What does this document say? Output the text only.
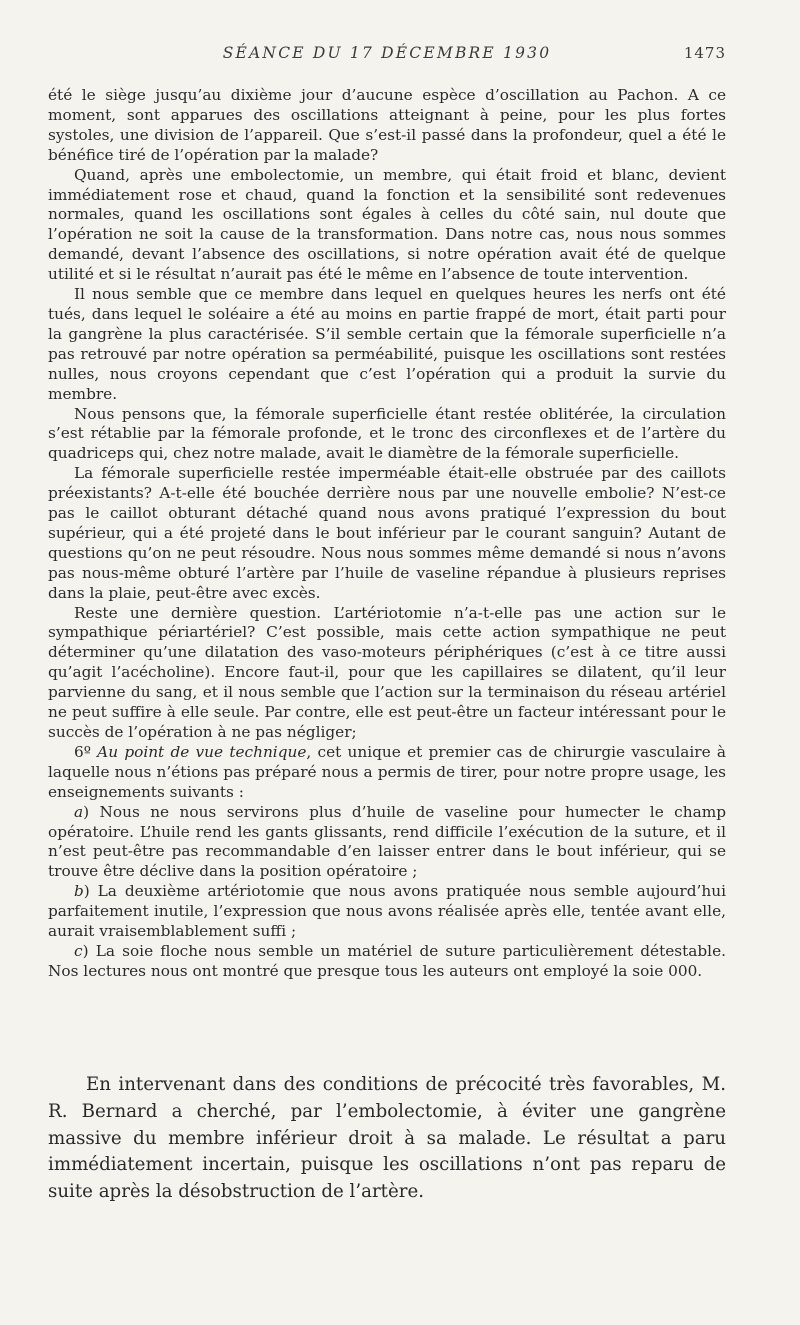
SÉANCE DU 17 DÉCEMBRE 1930	1473

été le siège jusqu’au dixième jour d’aucune espèce d’oscillation au Pachon. A ce moment, sont apparues des oscillations atteignant à peine, pour les plus fortes systoles, une division de l’appareil. Que s’est-il passé dans la profondeur, quel a été le bénéfice tiré de l’opération par la malade?

Quand, après une embolectomie, un membre, qui était froid et blanc, devient immédiatement rose et chaud, quand la fonction et la sensibilité sont redevenues normales, quand les oscillations sont égales à celles du côté sain, nul doute que l’opération ne soit la cause de la transformation. Dans notre cas, nous nous sommes demandé, devant l’absence des oscillations, si notre opération avait été de quelque utilité et si le résultat n’aurait pas été le même en l’absence de toute intervention.

Il nous semble que ce membre dans lequel en quelques heures les nerfs ont été tués, dans lequel le soléaire a été au moins en partie frappé de mort, était parti pour la gangrène la plus caractérisée. S’il semble certain que la fémorale superficielle n’a pas retrouvé par notre opération sa perméabilité, puisque les oscillations sont restées nulles, nous croyons cependant que c’est l’opération qui a produit la survie du membre.

Nous pensons que, la fémorale superficielle étant restée oblitérée, la circulation s’est rétablie par la fémorale profonde, et le tronc des circonflexes et de l’artère du quadriceps qui, chez notre malade, avait le diamètre de la fémorale superficielle.

La fémorale superficielle restée imperméable était-elle obstruée par des caillots préexistants? A-t-elle été bouchée derrière nous par une nouvelle embolie? N’est-ce pas le caillot obturant détaché quand nous avons pratiqué l’expression du bout supérieur, qui a été projeté dans le bout inférieur par le courant sanguin? Autant de questions qu’on ne peut résoudre. Nous nous sommes même demandé si nous n’avons pas nous-même obturé l’artère par l’huile de vaseline répandue à plusieurs reprises dans la plaie, peut-être avec excès.

Reste une dernière question. L’artériotomie n’a-t-elle pas une action sur le sympathique périartériel? C’est possible, mais cette action sympathique ne peut déterminer qu’une dilatation des vaso-moteurs périphériques (c’est à ce titre aussi qu’agit l’acécholine). Encore faut-il, pour que les capillaires se dilatent, qu’il leur parvienne du sang, et il nous semble que l’action sur la terminaison du réseau artériel ne peut suffire à elle seule. Par contre, elle est peut-être un facteur intéressant pour le succès de l’opération à ne pas négliger;

6º Au point de vue technique, cet unique et premier cas de chirurgie vasculaire à laquelle nous n’étions pas préparé nous a permis de tirer, pour notre propre usage, les enseignements suivants :

a) Nous ne nous servirons plus d’huile de vaseline pour humecter le champ opératoire. L’huile rend les gants glissants, rend difficile l’exécution de la suture, et il n’est peut-être pas recommandable d’en laisser entrer dans le bout inférieur, qui se trouve être déclive dans la position opératoire ;

b) La deuxième artériotomie que nous avons pratiquée nous semble aujourd’hui parfaitement inutile, l’expression que nous avons réalisée après elle, tentée avant elle, aurait vraisemblablement suffi ;

c) La soie floche nous semble un matériel de suture particulièrement détestable. Nos lectures nous ont montré que presque tous les auteurs ont employé la soie 000.

En intervenant dans des conditions de précocité très favorables, M. R. Bernard a cherché, par l’embolectomie, à éviter une gangrène massive du membre inférieur droit à sa malade. Le résultat a paru immédiatement incertain, puisque les oscillations n’ont pas reparu de suite après la désobstruction de l’artère.
